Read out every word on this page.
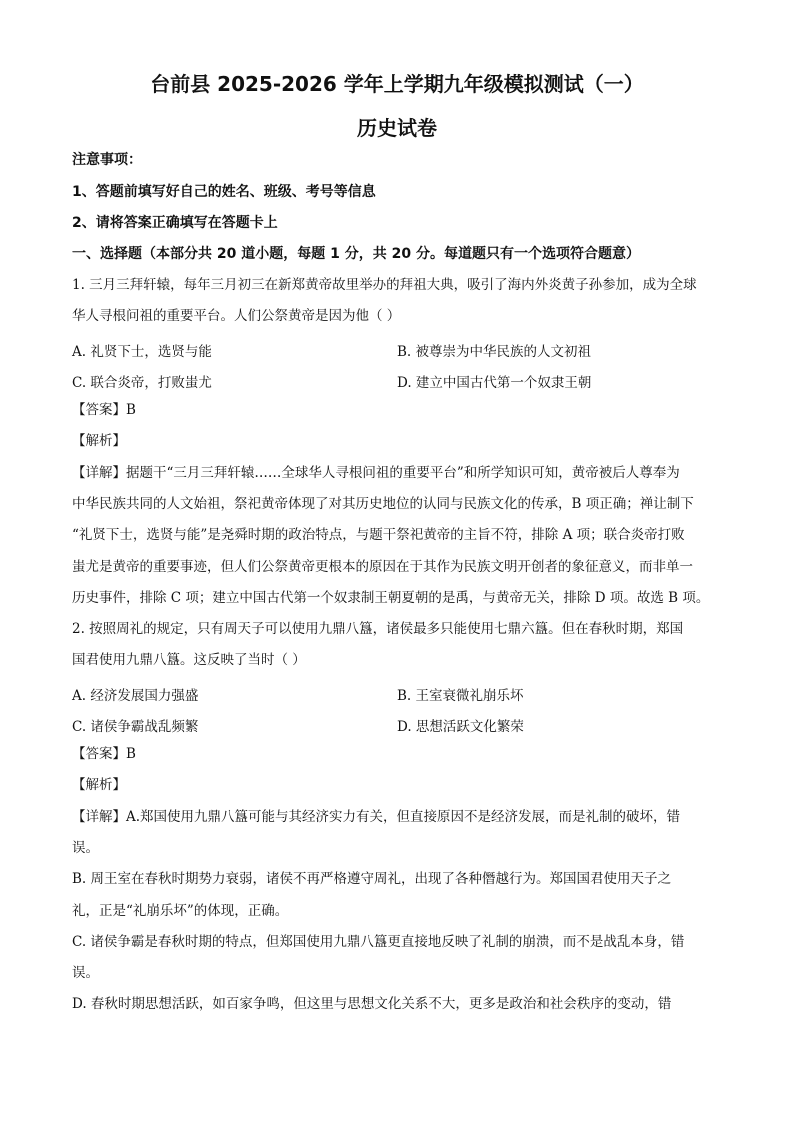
台前县 2025-2026 学年上学期九年级模拟测试（一）
历史试卷
注意事项：
1、答题前填写好自己的姓名、班级、考号等信息
2、请将答案正确填写在答题卡上
一、选择题（本部分共 20 道小题，每题 1 分，共 20 分。每道题只有一个选项符合题意）
1. 三月三拜轩辕，每年三月初三在新郑黄帝故里举办的拜祖大典，吸引了海内外炎黄子孙参加，成为全球
华人寻根问祖的重要平台。人们公祭黄帝是因为他（ ）
A. 礼贤下士，选贤与能	B. 被尊崇为中华民族的人文初祖
C. 联合炎帝，打败蚩尤	D. 建立中国古代第一个奴隶王朝
【答案】B
【解析】
【详解】据题干“三月三拜轩辕……全球华人寻根问祖的重要平台”和所学知识可知，黄帝被后人尊奉为
中华民族共同的人文始祖，祭祀黄帝体现了对其历史地位的认同与民族文化的传承，B 项正确；禅让制下
“礼贤下士，选贤与能”是尧舜时期的政治特点，与题干祭祀黄帝的主旨不符，排除 A 项；联合炎帝打败
蚩尤是黄帝的重要事迹，但人们公祭黄帝更根本的原因在于其作为民族文明开创者的象征意义，而非单一
历史事件，排除 C 项；建立中国古代第一个奴隶制王朝夏朝的是禹，与黄帝无关，排除 D 项。故选 B 项。
2. 按照周礼的规定，只有周天子可以使用九鼎八簋，诸侯最多只能使用七鼎六簋。但在春秋时期，郑国
国君使用九鼎八簋。这反映了当时（ ）
A. 经济发展国力强盛	B. 王室衰微礼崩乐坏
C. 诸侯争霸战乱频繁	D. 思想活跃文化繁荣
【答案】B
【解析】
【详解】A.郑国使用九鼎八簋可能与其经济实力有关，但直接原因不是经济发展，而是礼制的破坏，错
误。
B. 周王室在春秋时期势力衰弱，诸侯不再严格遵守周礼，出现了各种僭越行为。郑国国君使用天子之
礼，正是“礼崩乐坏”的体现，正确。
C. 诸侯争霸是春秋时期的特点，但郑国使用九鼎八簋更直接地反映了礼制的崩溃，而不是战乱本身，错
误。
D. 春秋时期思想活跃，如百家争鸣，但这里与思想文化关系不大，更多是政治和社会秩序的变动，错
